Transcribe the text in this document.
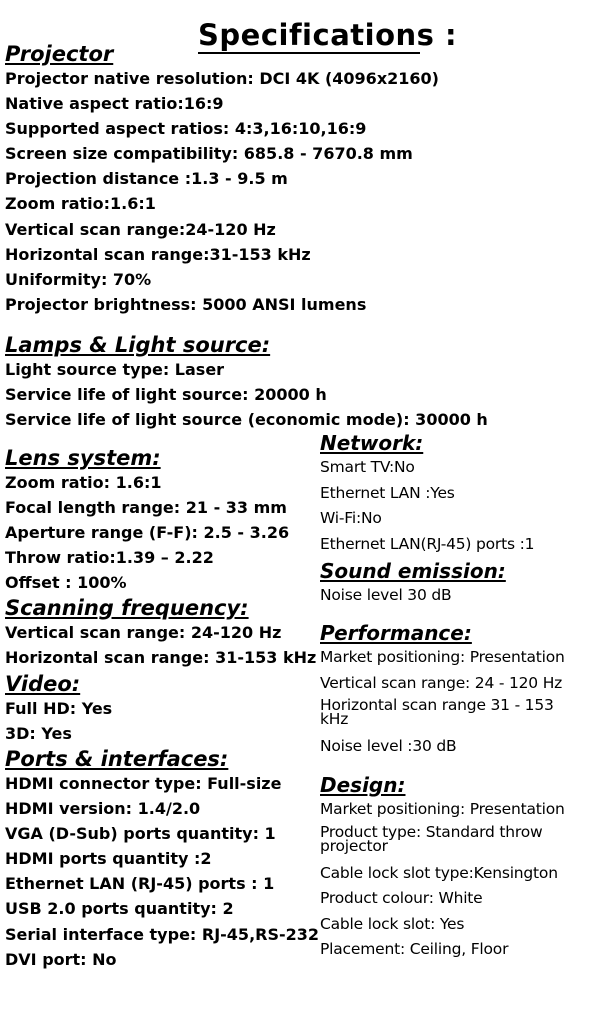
Specifications :
Projector
Projector native resolution: DCI 4K (4096x2160)
Native aspect ratio:16:9
Supported aspect ratios: 4:3,16:10,16:9
Screen size compatibility: 685.8 - 7670.8 mm
Projection distance :1.3 - 9.5 m
Zoom ratio:1.6:1
Vertical scan range:24-120 Hz
Horizontal scan range:31-153 kHz
Uniformity: 70%
Projector brightness: 5000 ANSI lumens
Lamps & Light source:
Light source type: Laser
Service life of light source: 20000 h
Service life of light source (economic mode): 30000 h
Lens system:
Zoom ratio: 1.6:1
Focal length range: 21 - 33 mm
Aperture range (F-F): 2.5 - 3.26
Throw ratio:1.39 – 2.22
Offset : 100%
Scanning frequency:
Vertical scan range: 24-120 Hz
Horizontal scan range: 31-153 kHz
Video:
Full HD: Yes
3D: Yes
Ports & interfaces:
HDMI connector type: Full-size
HDMI version: 1.4/2.0
VGA (D-Sub) ports quantity: 1
HDMI ports quantity :2
Ethernet LAN (RJ-45) ports : 1
USB 2.0 ports quantity: 2
Serial interface type: RJ-45,RS-232
DVI port: No
Network:
Smart TV:No
Ethernet LAN :Yes
Wi-Fi:No
Ethernet LAN(RJ-45) ports :1
Sound emission:
Noise level 30 dB
Performance:
Market positioning: Presentation
Vertical scan range: 24 - 120 Hz
Horizontal scan range 31 - 153 kHz
Noise level :30 dB
Design:
Market positioning: Presentation
Product type: Standard throw projector
Cable lock slot type:Kensington
Product colour: White
Cable lock slot: Yes
Placement: Ceiling, Floor
